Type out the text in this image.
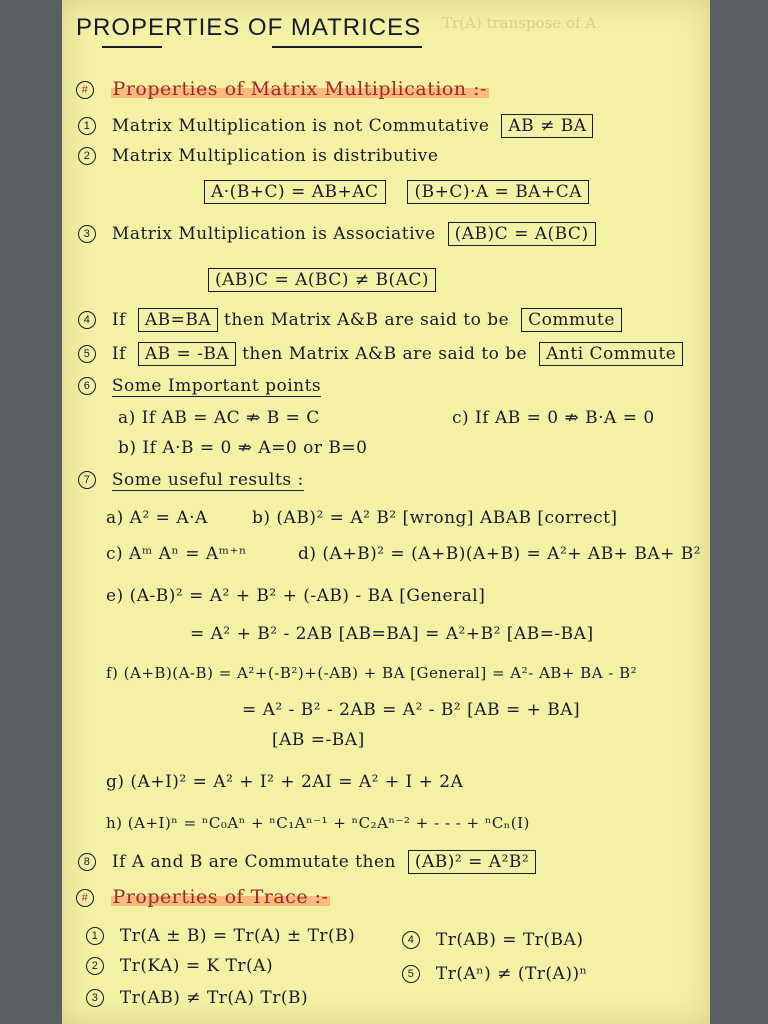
Tr(A) transpose of A
PROPERTIES OF MATRICES
# Properties of Matrix Multiplication :-
1 Matrix Multiplication is not Commutative AB ≠ BA
2 Matrix Multiplication is distributive
A·(B+C) = AB+AC (B+C)·A = BA+CA
3 Matrix Multiplication is Associative (AB)C = A(BC)
(AB)C = A(BC) ≠ B(AC)
4 If AB=BA then Matrix A&B are said to be Commute
5 If AB = -BA then Matrix A&B are said to be Anti Commute
6 Some Important points
a) If AB = AC ⇏ B = C	c) If AB = 0 ⇏ B·A = 0
b) If A·B = 0 ⇏ A=0 or B=0
7 Some useful results :
a) A² = A·A	b) (AB)² = A² B² [wrong] ABAB [correct]
c) Aᵐ Aⁿ = Aᵐ⁺ⁿ	d) (A+B)² = (A+B)(A+B) = A²+ AB+ BA+ B²
e) (A-B)² = A² + B² + (-AB) - BA [General]
= A² + B² - 2AB [AB=BA] = A²+B² [AB=-BA]
f) (A+B)(A-B) = A²+(-B²)+(-AB) + BA [General] = A²- AB+ BA - B²
= A² - B² - 2AB = A² - B² [AB = + BA]
[AB =-BA]
g) (A+I)² = A² + I² + 2AI = A² + I + 2A
h) (A+I)ⁿ = ⁿC₀Aⁿ + ⁿC₁Aⁿ⁻¹ + ⁿC₂Aⁿ⁻² + - - - + ⁿCₙ(I)
8 If A and B are Commutate then (AB)² = A²B²
# Properties of Trace :-
1 Tr(A ± B) = Tr(A) ± Tr(B)
2 Tr(KA) = K Tr(A)
3 Tr(AB) ≠ Tr(A) Tr(B)
4 Tr(AB) = Tr(BA)
5 Tr(Aⁿ) ≠ (Tr(A))ⁿ
